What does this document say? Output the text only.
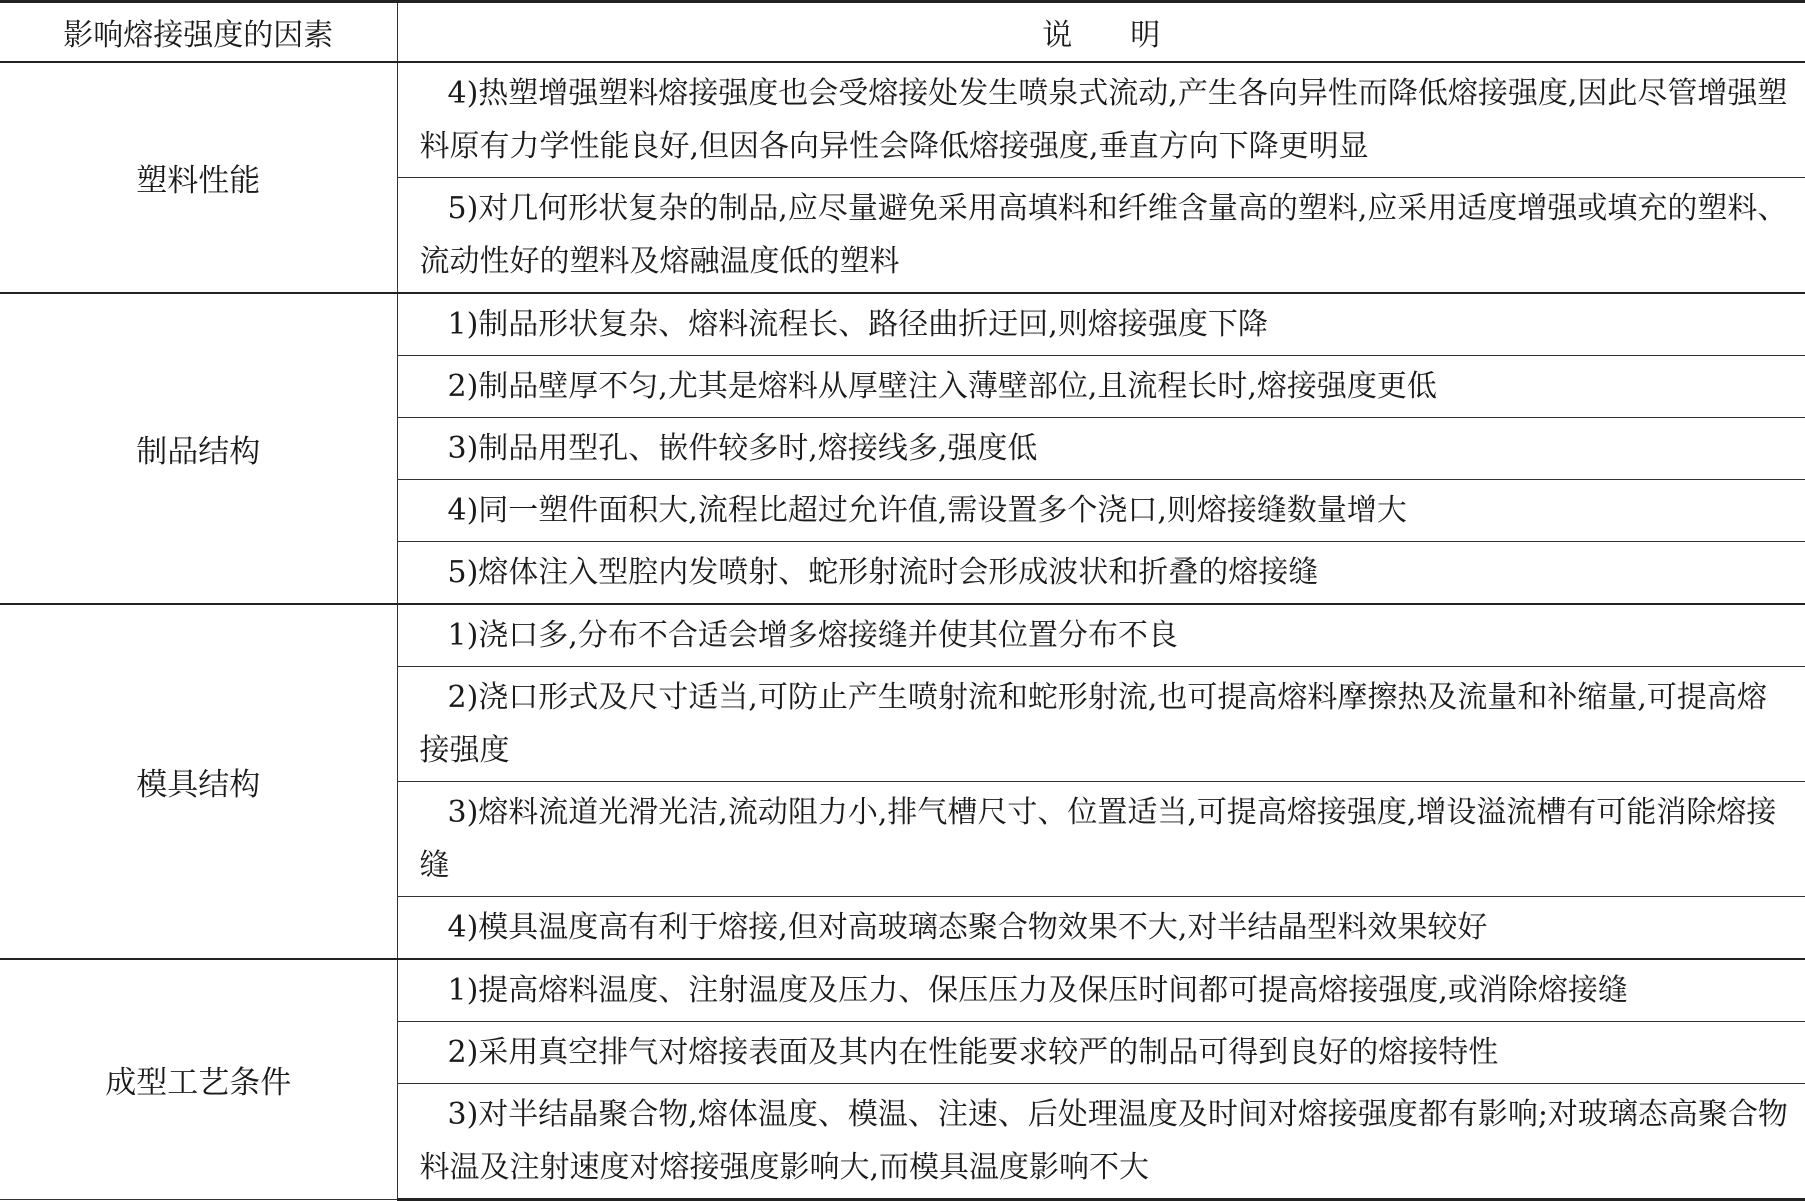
影响熔接强度的因素	说明
塑料性能	4)热塑增强塑料熔接强度也会受熔接处发生喷泉式流动,产生各向异性而降低熔接强度,因此尽管增强塑料原有力学性能良好,但因各向异性会降低熔接强度,垂直方向下降更明显
	5)对几何形状复杂的制品,应尽量避免采用高填料和纤维含量高的塑料,应采用适度增强或填充的塑料、流动性好的塑料及熔融温度低的塑料
制品结构	1)制品形状复杂、熔料流程长、路径曲折迂回,则熔接强度下降
	2)制品壁厚不匀,尤其是熔料从厚壁注入薄壁部位,且流程长时,熔接强度更低
	3)制品用型孔、嵌件较多时,熔接线多,强度低
	4)同一塑件面积大,流程比超过允许值,需设置多个浇口,则熔接缝数量增大
	5)熔体注入型腔内发喷射、蛇形射流时会形成波状和折叠的熔接缝
模具结构	1)浇口多,分布不合适会增多熔接缝并使其位置分布不良
	2)浇口形式及尺寸适当,可防止产生喷射流和蛇形射流,也可提高熔料摩擦热及流量和补缩量,可提高熔接强度
	3)熔料流道光滑光洁,流动阻力小,排气槽尺寸、位置适当,可提高熔接强度,增设溢流槽有可能消除熔接缝
	4)模具温度高有利于熔接,但对高玻璃态聚合物效果不大,对半结晶型料效果较好
成型工艺条件	1)提高熔料温度、注射温度及压力、保压压力及保压时间都可提高熔接强度,或消除熔接缝
	2)采用真空排气对熔接表面及其内在性能要求较严的制品可得到良好的熔接特性
	3)对半结晶聚合物,熔体温度、模温、注速、后处理温度及时间对熔接强度都有影响;对玻璃态高聚合物料温及注射速度对熔接强度影响大,而模具温度影响不大
